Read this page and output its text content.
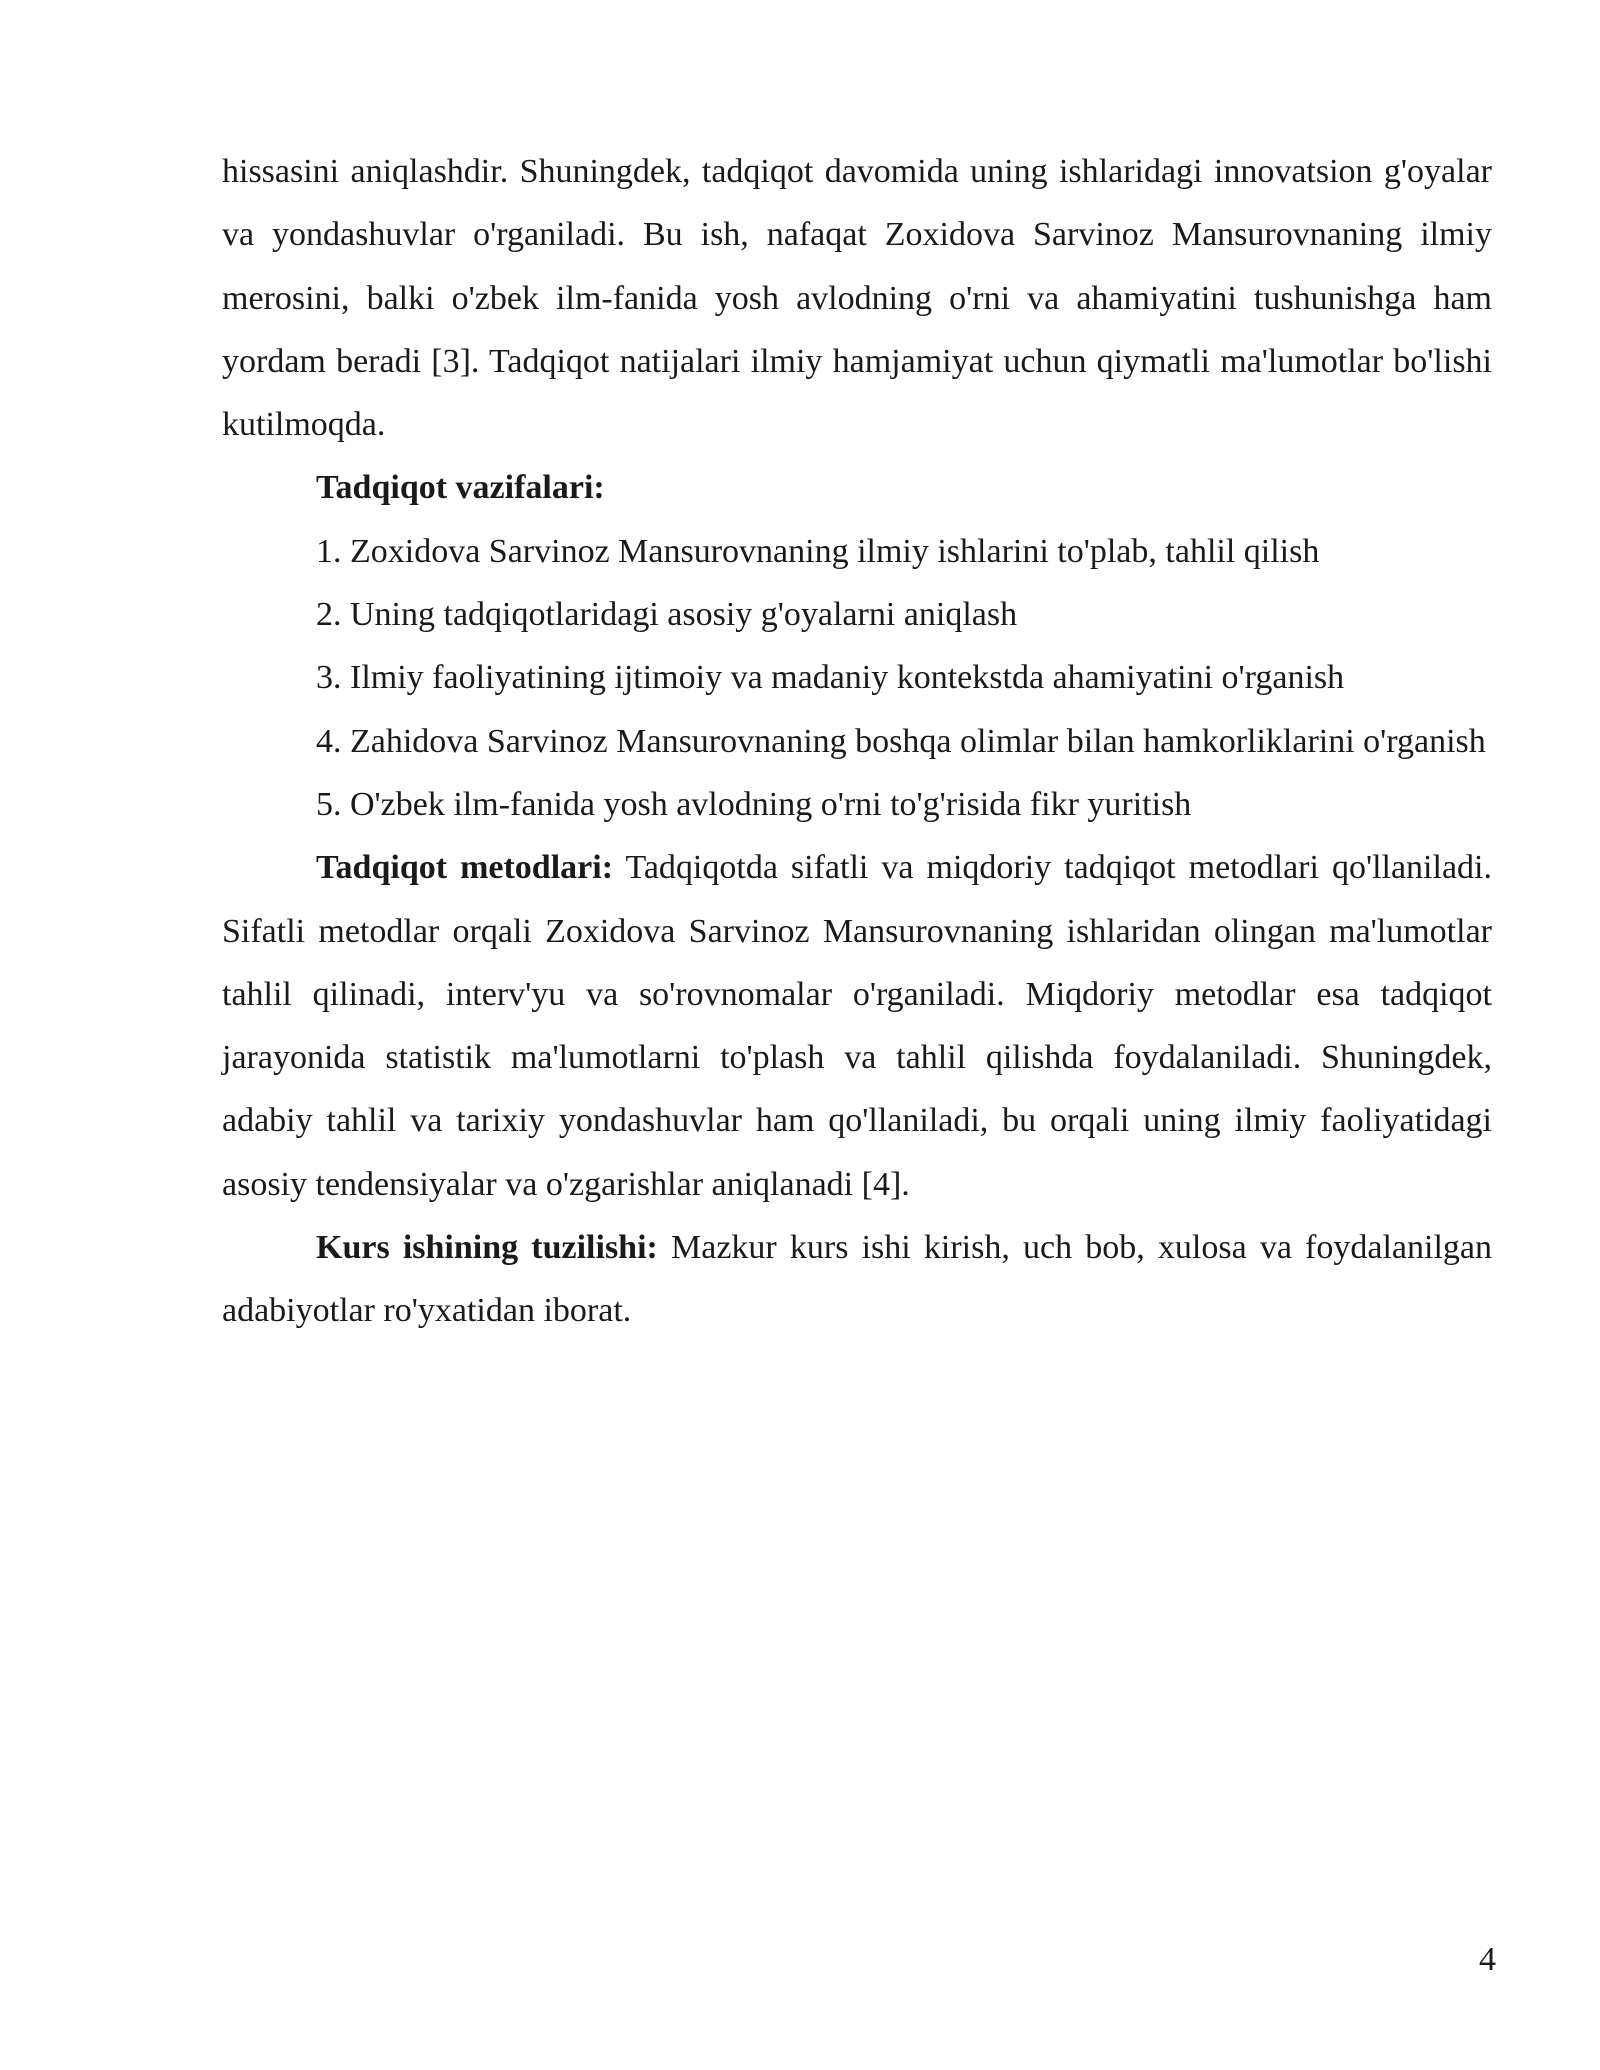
hissasini aniqlashdir. Shuningdek, tadqiqot davomida uning ishlaridagi innovatsion g'oyalar va yondashuvlar o'rganiladi. Bu ish, nafaqat Zoxidova Sarvinoz Mansurovnaning ilmiy merosini, balki o'zbek ilm-fanida yosh avlodning o'rni va ahamiyatini tushunishga ham yordam beradi [3]. Tadqiqot natijalari ilmiy hamjamiyat uchun qiymatli ma'lumotlar bo'lishi kutilmoqda.

Tadqiqot vazifalari:

1. Zoxidova Sarvinoz Mansurovnaning ilmiy ishlarini to'plab, tahlil qilish
2. Uning tadqiqotlaridagi asosiy g'oyalarni aniqlash
3. Ilmiy faoliyatining ijtimoiy va madaniy kontekstda ahamiyatini o'rganish
4. Zahidova Sarvinoz Mansurovnaning boshqa olimlar bilan hamkorliklarini o'rganish
5. O'zbek ilm-fanida yosh avlodning o'rni to'g'risida fikr yuritish

Tadqiqot metodlari: Tadqiqotda sifatli va miqdoriy tadqiqot metodlari qo'llaniladi. Sifatli metodlar orqali Zoxidova Sarvinoz Mansurovnaning ishlaridan olingan ma'lumotlar tahlil qilinadi, interv'yu va so'rovnomalar o'rganiladi. Miqdoriy metodlar esa tadqiqot jarayonida statistik ma'lumotlarni to'plash va tahlil qilishda foydalaniladi. Shuningdek, adabiy tahlil va tarixiy yondashuvlar ham qo'llaniladi, bu orqali uning ilmiy faoliyatidagi asosiy tendensiyalar va o'zgarishlar aniqlanadi [4].

Kurs ishining tuzilishi: Mazkur kurs ishi kirish, uch bob, xulosa va foydalanilgan adabiyotlar ro'yxatidan iborat.

4
